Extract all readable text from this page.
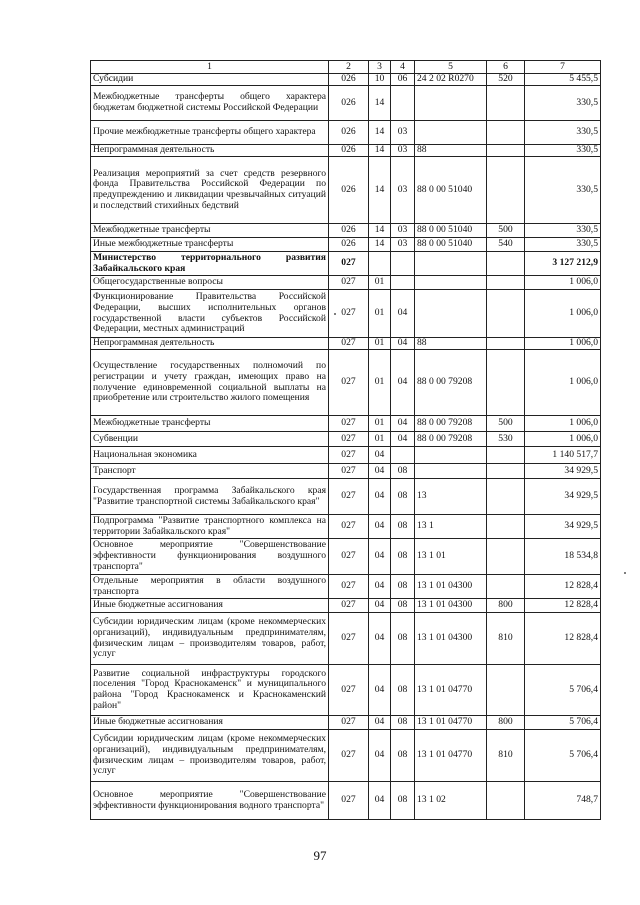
1	2	3	4	5	6	7
Субсидии	026	10	06	24 2 02 R0270	520	5 455,5
Межбюджетные трансферты общего характера бюджетам бюджетной системы Российской Федерации	026	14				330,5
Прочие межбюджетные трансферты общего характера	026	14	03			330,5
Непрограммная деятельность	026	14	03	88		330,5
Реализация мероприятий за счет средств резервного фонда Правительства Российской Федерации по предупреждению и ликвидации чрезвычайных ситуаций и последствий стихийных бедствий	026	14	03	88 0 00 51040		330,5
Межбюджетные трансферты	026	14	03	88 0 00 51040	500	330,5
Иные межбюджетные трансферты	026	14	03	88 0 00 51040	540	330,5
Министерство территориального развития Забайкальского края	027					3 127 212,9
Общегосударственные вопросы	027	01				1 006,0
Функционирование Правительства Российской Федерации, высших исполнительных органов государственной власти субъектов Российской Федерации, местных администраций	027	01	04			1 006,0
Непрограммная деятельность	027	01	04	88		1 006,0
Осуществление государственных полномочий по регистрации и учету граждан, имеющих право на получение единовременной социальной выплаты на приобретение или строительство жилого помещения	027	01	04	88 0 00 79208		1 006,0
Межбюджетные трансферты	027	01	04	88 0 00 79208	500	1 006,0
Субвенции	027	01	04	88 0 00 79208	530	1 006,0
Национальная экономика	027	04				1 140 517,7
Транспорт	027	04	08			34 929,5
Государственная программа Забайкальского края "Развитие транспортной системы Забайкальского края"	027	04	08	13		34 929,5
Подпрограмма "Развитие транспортного комплекса на территории Забайкальского края"	027	04	08	13 1		34 929,5
Основное мероприятие "Совершенствование эффективности функционирования воздушного транспорта"	027	04	08	13 1 01		18 534,8
Отдельные мероприятия в области воздушного транспорта	027	04	08	13 1 01 04300		12 828,4
Иные бюджетные ассигнования	027	04	08	13 1 01 04300	800	12 828,4
Субсидии юридическим лицам (кроме некоммерческих организаций), индивидуальным предпринимателям, физическим лицам – производителям товаров, работ, услуг	027	04	08	13 1 01 04300	810	12 828,4
Развитие социальной инфраструктуры городского поселения "Город Краснокаменск" и муниципального района "Город Краснокаменск и Краснокаменский район"	027	04	08	13 1 01 04770		5 706,4
Иные бюджетные ассигнования	027	04	08	13 1 01 04770	800	5 706,4
Субсидии юридическим лицам (кроме некоммерческих организаций), индивидуальным предпринимателям, физическим лицам – производителям товаров, работ, услуг	027	04	08	13 1 01 04770	810	5 706,4
Основное мероприятие "Совершенствование эффективности функционирования водного транспорта"	027	04	08	13 1 02		748,7
97
